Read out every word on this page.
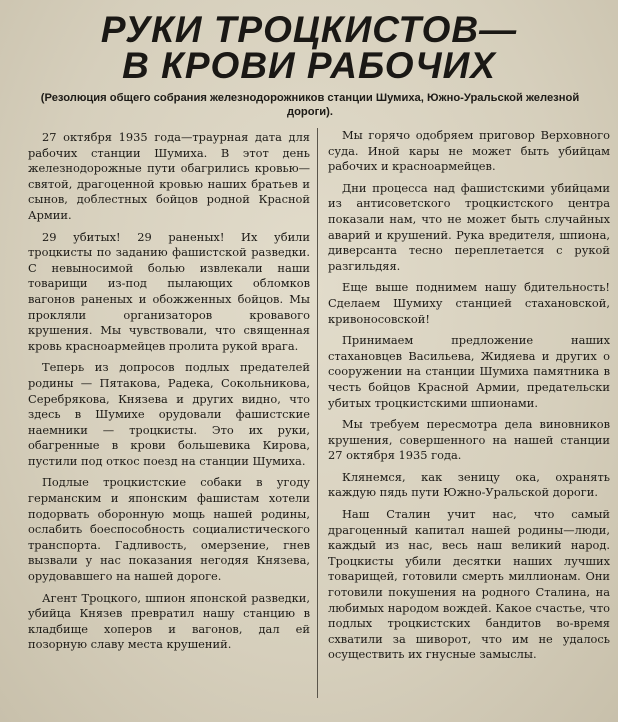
РУКИ ТРОЦКИСТОВ—
В КРОВИ РАБОЧИХ

(Резолюция общего собрания железнодорожников станции Шумиха, Южно-Уральской железной дороги).

27 октября 1935 года—траурная дата для рабочих станции Шумиха. В этот день железнодорожные пути обагрились кровью—святой, драгоценной кровью наших братьев и сынов, доблестных бойцов родной Красной Армии.

29 убитых! 29 раненых! Их убили троцкисты по заданию фашистской разведки. С невыносимой болью извлекали наши товарищи из-под пылающих обломков вагонов раненых и обожженных бойцов. Мы прокляли организаторов кровавого крушения. Мы чувствовали, что священная кровь красноармейцев пролита рукой врага.

Теперь из допросов подлых предателей родины — Пятакова, Радека, Сокольникова, Серебрякова, Князева и других видно, что здесь в Шумихе орудовали фашистские наемники — троцкисты. Это их руки, обагренные в крови большевика Кирова, пустили под откос поезд на станции Шумиха.

Подлые троцкистские собаки в угоду германским и японским фашистам хотели подорвать оборонную мощь нашей родины, ослабить боеспособность социалистического транспорта. Гадливость, омерзение, гнев вызвали у нас показания негодяя Князева, орудовавшего на нашей дороге.

Агент Троцкого, шпион японской разведки, убийца Князев превратил нашу станцию в кладбище хоперов и вагонов, дал ей позорную славу места крушений.

Мы горячо одобряем приговор Верховного суда. Иной кары не может быть убийцам рабочих и красноармейцев.

Дни процесса над фашистскими убийцами из антисоветского троцкистского центра показали нам, что не может быть случайных аварий и крушений. Рука вредителя, шпиона, диверсанта тесно переплетается с рукой разгильдяя.

Еще выше поднимем нашу бдительность! Сделаем Шумиху станцией стахановской, кривоносовской!

Принимаем предложение наших стахановцев Васильева, Жидяева и других о сооружении на станции Шумиха памятника в честь бойцов Красной Армии, предательски убитых троцкистскими шпионами.

Мы требуем пересмотра дела виновников крушения, совершенного на нашей станции 27 октября 1935 года.

Клянемся, как зеницу ока, охранять каждую пядь пути Южно-Уральской дороги.

Наш Сталин учит нас, что самый драгоценный капитал нашей родины—люди, каждый из нас, весь наш великий народ. Троцкисты убили десятки наших лучших товарищей, готовили смерть миллионам. Они готовили покушения на родного Сталина, на любимых народом вождей. Какое счастье, что подлых троцкистских бандитов во-время схватили за шиворот, что им не удалось осуществить их гнусные замыслы.
